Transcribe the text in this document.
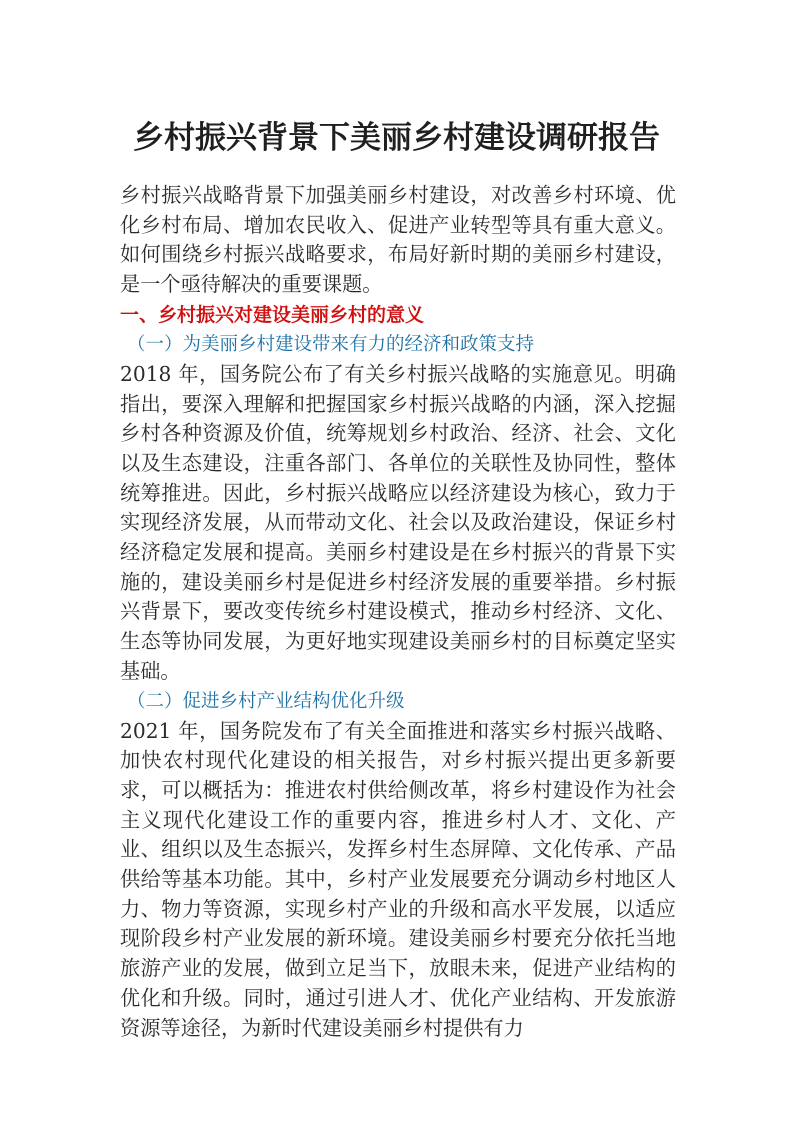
乡村振兴背景下美丽乡村建设调研报告

乡村振兴战略背景下加强美丽乡村建设，对改善乡村环境、优化乡村布局、增加农民收入、促进产业转型等具有重大意义。如何围绕乡村振兴战略要求，布局好新时期的美丽乡村建设，是一个亟待解决的重要课题。

一、乡村振兴对建设美丽乡村的意义

（一）为美丽乡村建设带来有力的经济和政策支持

2018 年，国务院公布了有关乡村振兴战略的实施意见。明确指出，要深入理解和把握国家乡村振兴战略的内涵，深入挖掘乡村各种资源及价值，统筹规划乡村政治、经济、社会、文化以及生态建设，注重各部门、各单位的关联性及协同性，整体统筹推进。因此，乡村振兴战略应以经济建设为核心，致力于实现经济发展，从而带动文化、社会以及政治建设，保证乡村经济稳定发展和提高。美丽乡村建设是在乡村振兴的背景下实施的，建设美丽乡村是促进乡村经济发展的重要举措。乡村振兴背景下，要改变传统乡村建设模式，推动乡村经济、文化、生态等协同发展，为更好地实现建设美丽乡村的目标奠定坚实基础。

（二）促进乡村产业结构优化升级

2021 年，国务院发布了有关全面推进和落实乡村振兴战略、加快农村现代化建设的相关报告，对乡村振兴提出更多新要求，可以概括为：推进农村供给侧改革，将乡村建设作为社会主义现代化建设工作的重要内容，推进乡村人才、文化、产业、组织以及生态振兴，发挥乡村生态屏障、文化传承、产品供给等基本功能。其中，乡村产业发展要充分调动乡村地区人力、物力等资源，实现乡村产业的升级和高水平发展，以适应现阶段乡村产业发展的新环境。建设美丽乡村要充分依托当地旅游产业的发展，做到立足当下，放眼未来，促进产业结构的优化和升级。同时，通过引进人才、优化产业结构、开发旅游资源等途径，为新时代建设美丽乡村提供有力
